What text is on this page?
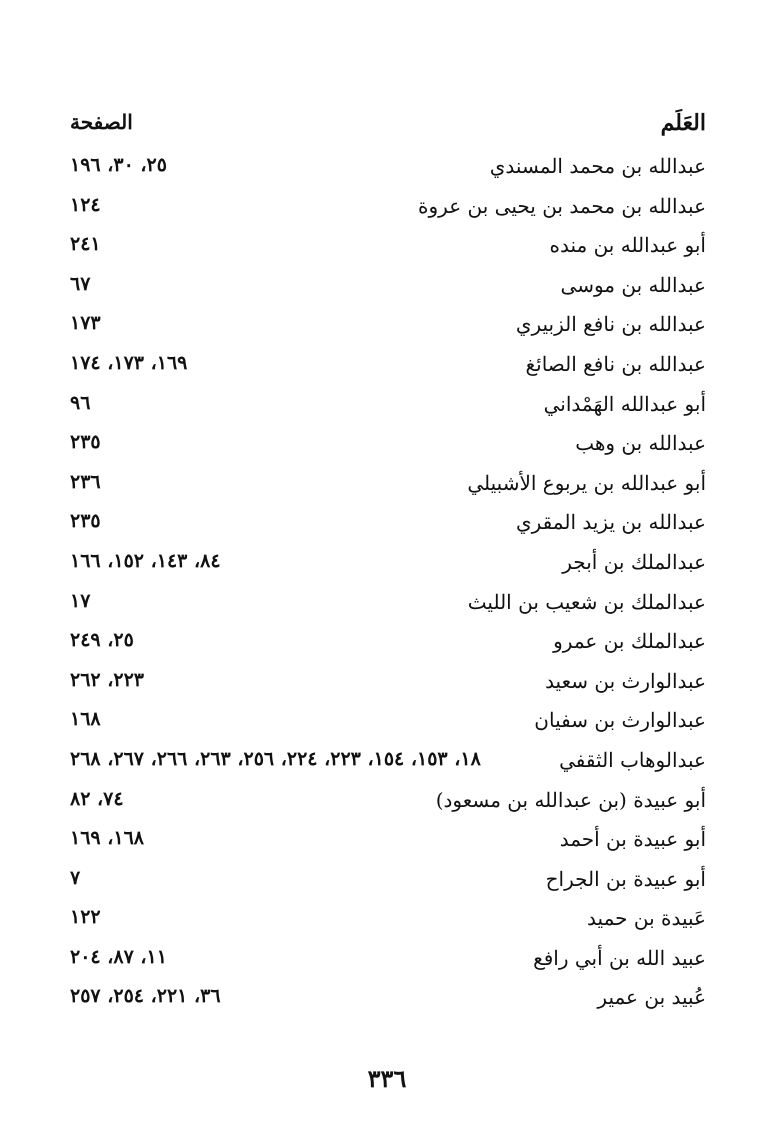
العَلَم
الصفحة
عبدالله بن محمد المسندي
٢٥، ٣٠، ١٩٦
عبدالله بن محمد بن يحيى بن عروة
١٢٤
أبو عبدالله بن منده
٢٤١
عبدالله بن موسى
٦٧
عبدالله بن نافع الزبيري
١٧٣
عبدالله بن نافع الصائغ
١٦٩، ١٧٣، ١٧٤
أبو عبدالله الهَمْداني
٩٦
عبدالله بن وهب
٢٣٥
أبو عبدالله بن يربوع الأشبيلي
٢٣٦
عبدالله بن يزيد المقري
٢٣٥
عبدالملك بن أبجر
٨٤، ١٤٣، ١٥٢، ١٦٦
عبدالملك بن شعيب بن الليث
١٧
عبدالملك بن عمرو
٢٥، ٢٤٩
عبدالوارث بن سعيد
٢٢٣، ٢٦٢
عبدالوارث بن سفيان
١٦٨
عبدالوهاب الثقفي
١٨، ١٥٣، ١٥٤، ٢٢٣، ٢٢٤، ٢٥٦، ٢٦٣، ٢٦٦، ٢٦٧، ٢٦٨
أبو عبيدة (بن عبدالله بن مسعود)
٧٤، ٨٢
أبو عبيدة بن أحمد
١٦٨، ١٦٩
أبو عبيدة بن الجراح
٧
عَبيدة بن حميد
١٢٢
عبيد الله بن أبي رافع
١١، ٨٧، ٢٠٤
عُبيد بن عمير
٣٦، ٢٢١، ٢٥٤، ٢٥٧
٣٣٦
